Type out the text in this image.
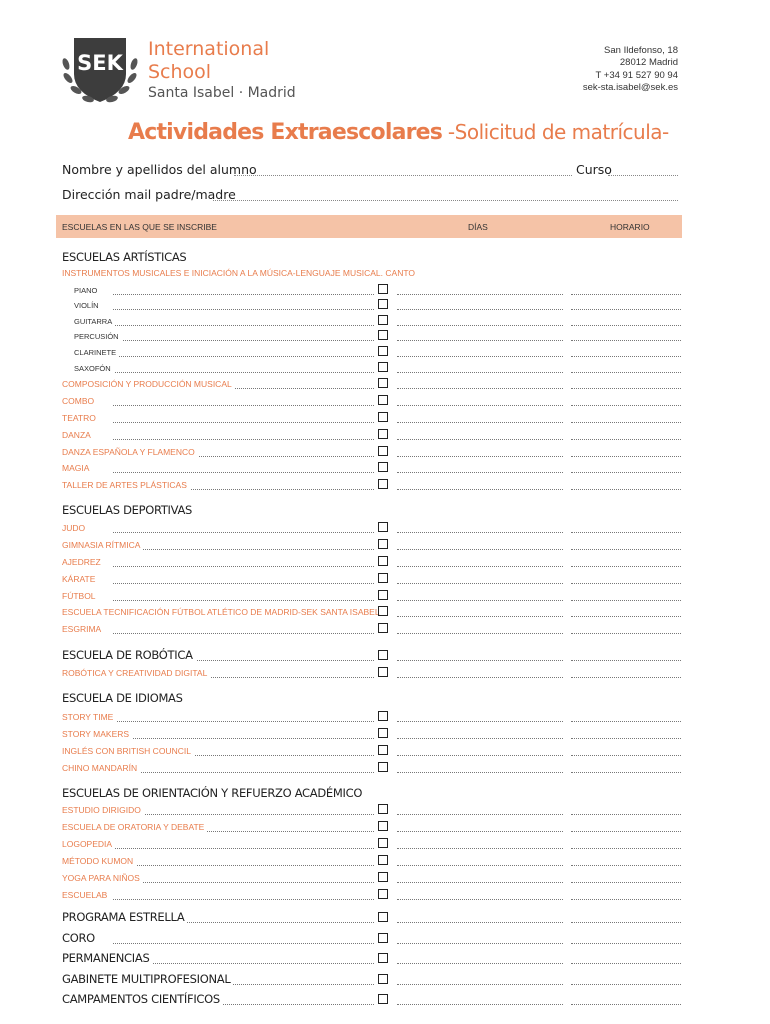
SEK
International
School
Santa Isabel · Madrid
San Ildefonso, 18
28012 Madrid
T +34 91 527 90 94
sek-sta.isabel@sek.es
Actividades Extraescolares -Solicitud de matrícula-
Nombre y apellidos del alumno	Curso
Dirección mail padre/madre
ESCUELAS EN LAS QUE SE INSCRIBE	DÍAS	HORARIO
ESCUELAS ARTÍSTICAS
INSTRUMENTOS MUSICALES E INICIACIÓN A LA MÚSICA-LENGUAJE MUSICAL. CANTO
ESCUELAS DEPORTIVAS
ESCUELA DE IDIOMAS
ESCUELAS DE ORIENTACIÓN Y REFUERZO ACADÉMICO
PIANO
VIOLÍN
GUITARRA
PERCUSIÓN
CLARINETE
SAXOFÓN
COMPOSICIÓN Y PRODUCCIÓN MUSICAL
COMBO
TEATRO
DANZA
DANZA ESPAÑOLA Y FLAMENCO
MAGIA
TALLER DE ARTES PLÁSTICAS
JUDO
GIMNASIA RÍTMICA
AJEDREZ
KÁRATE
FÚTBOL
ESCUELA TECNIFICACIÓN FÚTBOL ATLÉTICO DE MADRID-SEK SANTA ISABEL
ESGRIMA
ESCUELA DE ROBÓTICA
ROBÓTICA Y CREATIVIDAD DIGITAL
STORY TIME
STORY MAKERS
INGLÉS CON BRITISH COUNCIL
CHINO MANDARÍN
ESTUDIO DIRIGIDO
ESCUELA DE ORATORIA Y DEBATE
LOGOPEDIA
MÉTODO KUMON
YOGA PARA NIÑOS
ESCUELAB
PROGRAMA ESTRELLA
CORO
PERMANENCIAS
GABINETE MULTIPROFESIONAL
CAMPAMENTOS CIENTÍFICOS
